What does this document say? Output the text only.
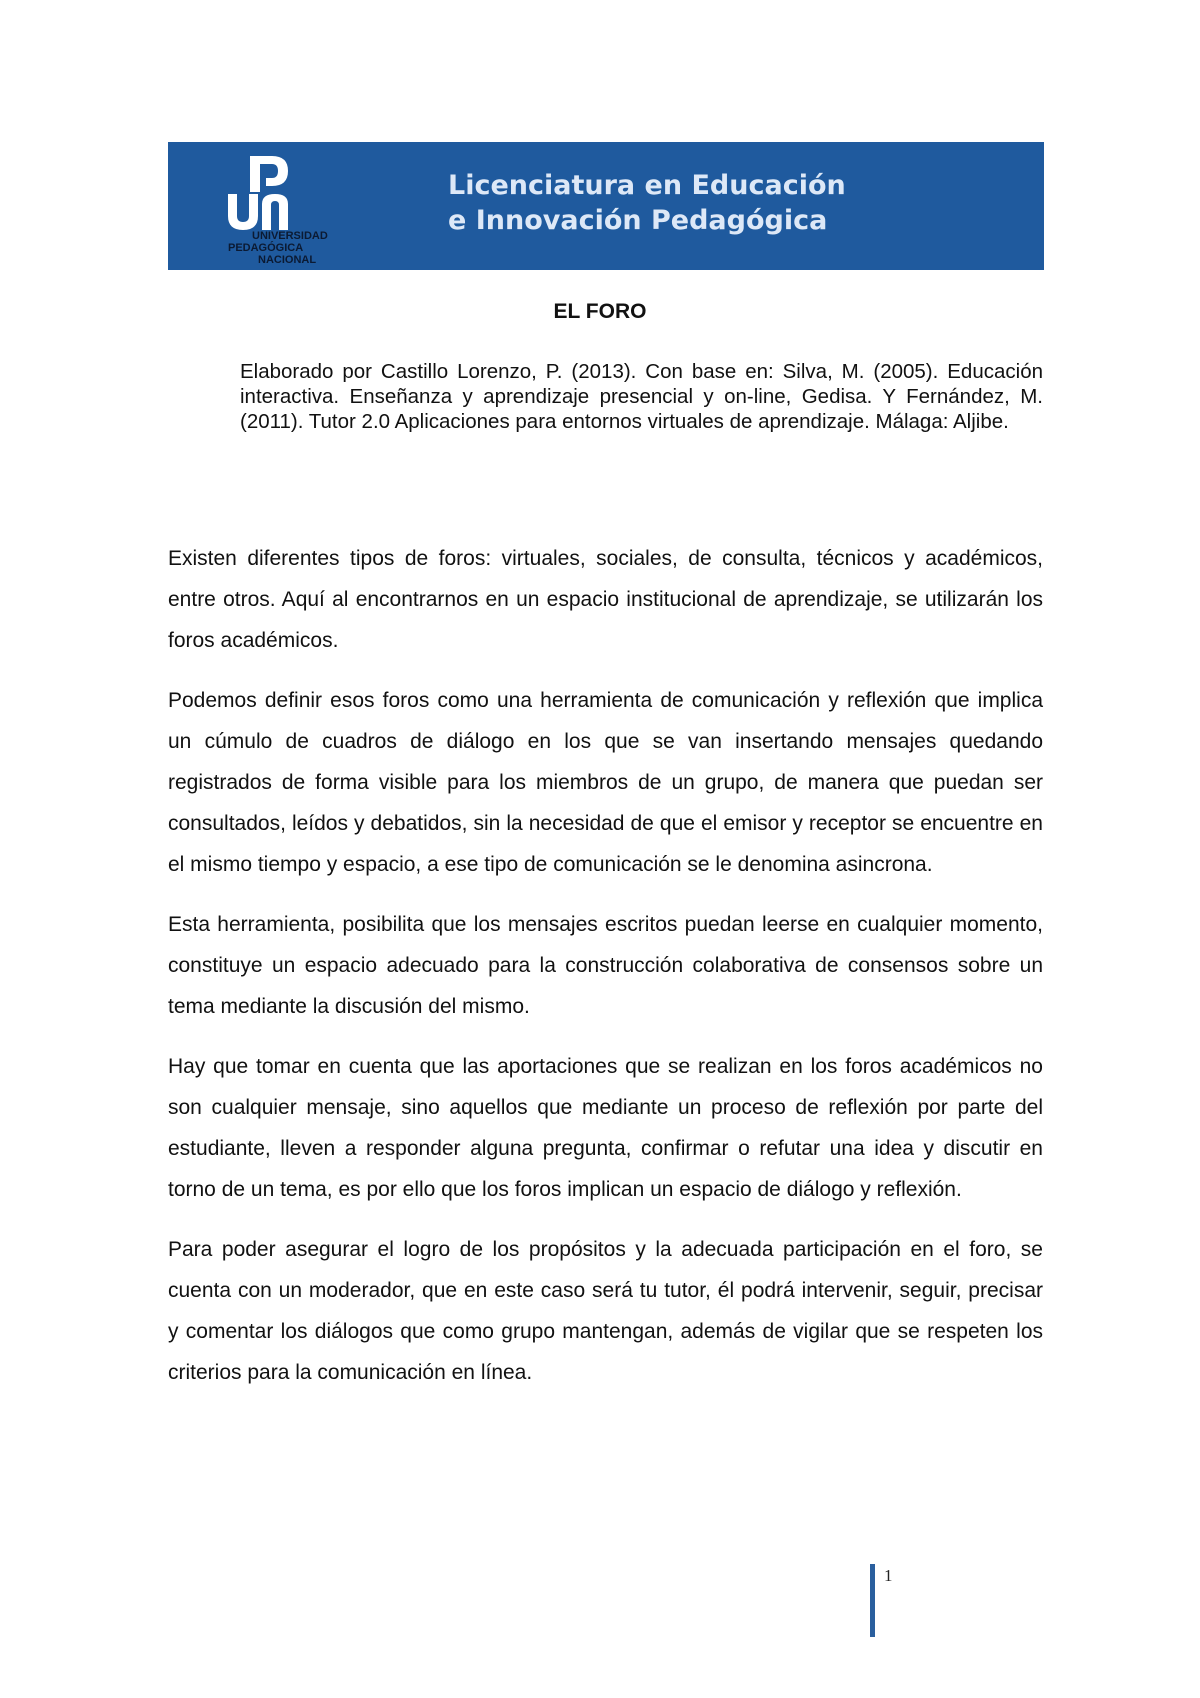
UNIVERSIDAD
PEDAGÓGICA
NACIONAL
Licenciatura en Educación
e Innovación Pedagógica
EL FORO
Elaborado por Castillo Lorenzo, P. (2013). Con base en: Silva, M. (2005). Educación interactiva. Enseñanza y aprendizaje presencial y on-line, Gedisa. Y Fernández, M. (2011). Tutor 2.0 Aplicaciones para entornos virtuales de aprendizaje. Málaga: Aljibe.

Existen diferentes tipos de foros: virtuales, sociales, de consulta, técnicos y académicos, entre otros. Aquí al encontrarnos en un espacio institucional de aprendizaje, se utilizarán los foros académicos.

Podemos definir esos foros como una herramienta de comunicación y reflexión que implica un cúmulo de cuadros de diálogo en los que se van insertando mensajes quedando registrados de forma visible para los miembros de un grupo, de manera que puedan ser consultados, leídos y debatidos, sin la necesidad de que el emisor y receptor se encuentre en el mismo tiempo y espacio, a ese tipo de comunicación se le denomina asincrona.

Esta herramienta, posibilita que los mensajes escritos puedan leerse en cualquier momento, constituye un espacio adecuado para la construcción colaborativa de consensos sobre un tema mediante la discusión del mismo.

Hay que tomar en cuenta que las aportaciones que se realizan en los foros académicos no son cualquier mensaje, sino aquellos que mediante un proceso de reflexión por parte del estudiante, lleven a responder alguna pregunta, confirmar o refutar una idea y discutir en torno de un tema, es por ello que los foros implican un espacio de diálogo y reflexión.

Para poder asegurar el logro de los propósitos y la adecuada participación en el foro, se cuenta con un moderador, que en este caso será tu tutor, él podrá intervenir, seguir, precisar y comentar los diálogos que como grupo mantengan, además de vigilar que se respeten los criterios para la comunicación en línea.

1
